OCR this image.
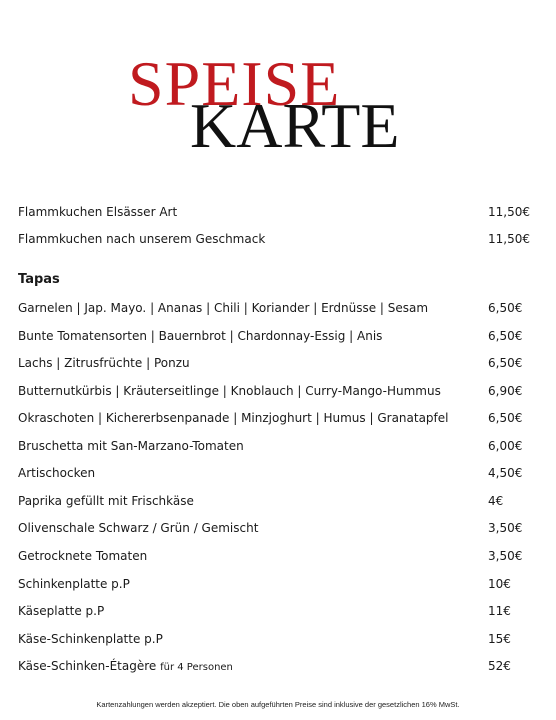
SPEISE
KARTE
Flammkuchen Elsässer Art	11,50€
Flammkuchen nach unserem Geschmack	11,50€
Tapas
Garnelen | Jap. Mayo. | Ananas | Chili | Koriander | Erdnüsse | Sesam	6,50€
Bunte Tomatensorten | Bauernbrot | Chardonnay-Essig | Anis	6,50€
Lachs | Zitrusfrüchte | Ponzu	6,50€
Butternutkürbis | Kräuterseitlinge | Knoblauch | Curry-Mango-Hummus	6,90€
Okraschoten | Kichererbsenpanade | Minzjoghurt | Humus | Granatapfel	6,50€
Bruschetta mit San-Marzano-Tomaten	6,00€
Artischocken	4,50€
Paprika gefüllt mit Frischkäse	4€
Olivenschale Schwarz / Grün / Gemischt	3,50€
Getrocknete Tomaten	3,50€
Schinkenplatte p.P	10€
Käseplatte p.P	11€
Käse-Schinkenplatte p.P	15€
Käse-Schinken-Étagère für 4 Personen	52€
Kartenzahlungen werden akzeptiert. Die oben aufgeführten Preise sind inklusive der gesetzlichen 16% MwSt.
